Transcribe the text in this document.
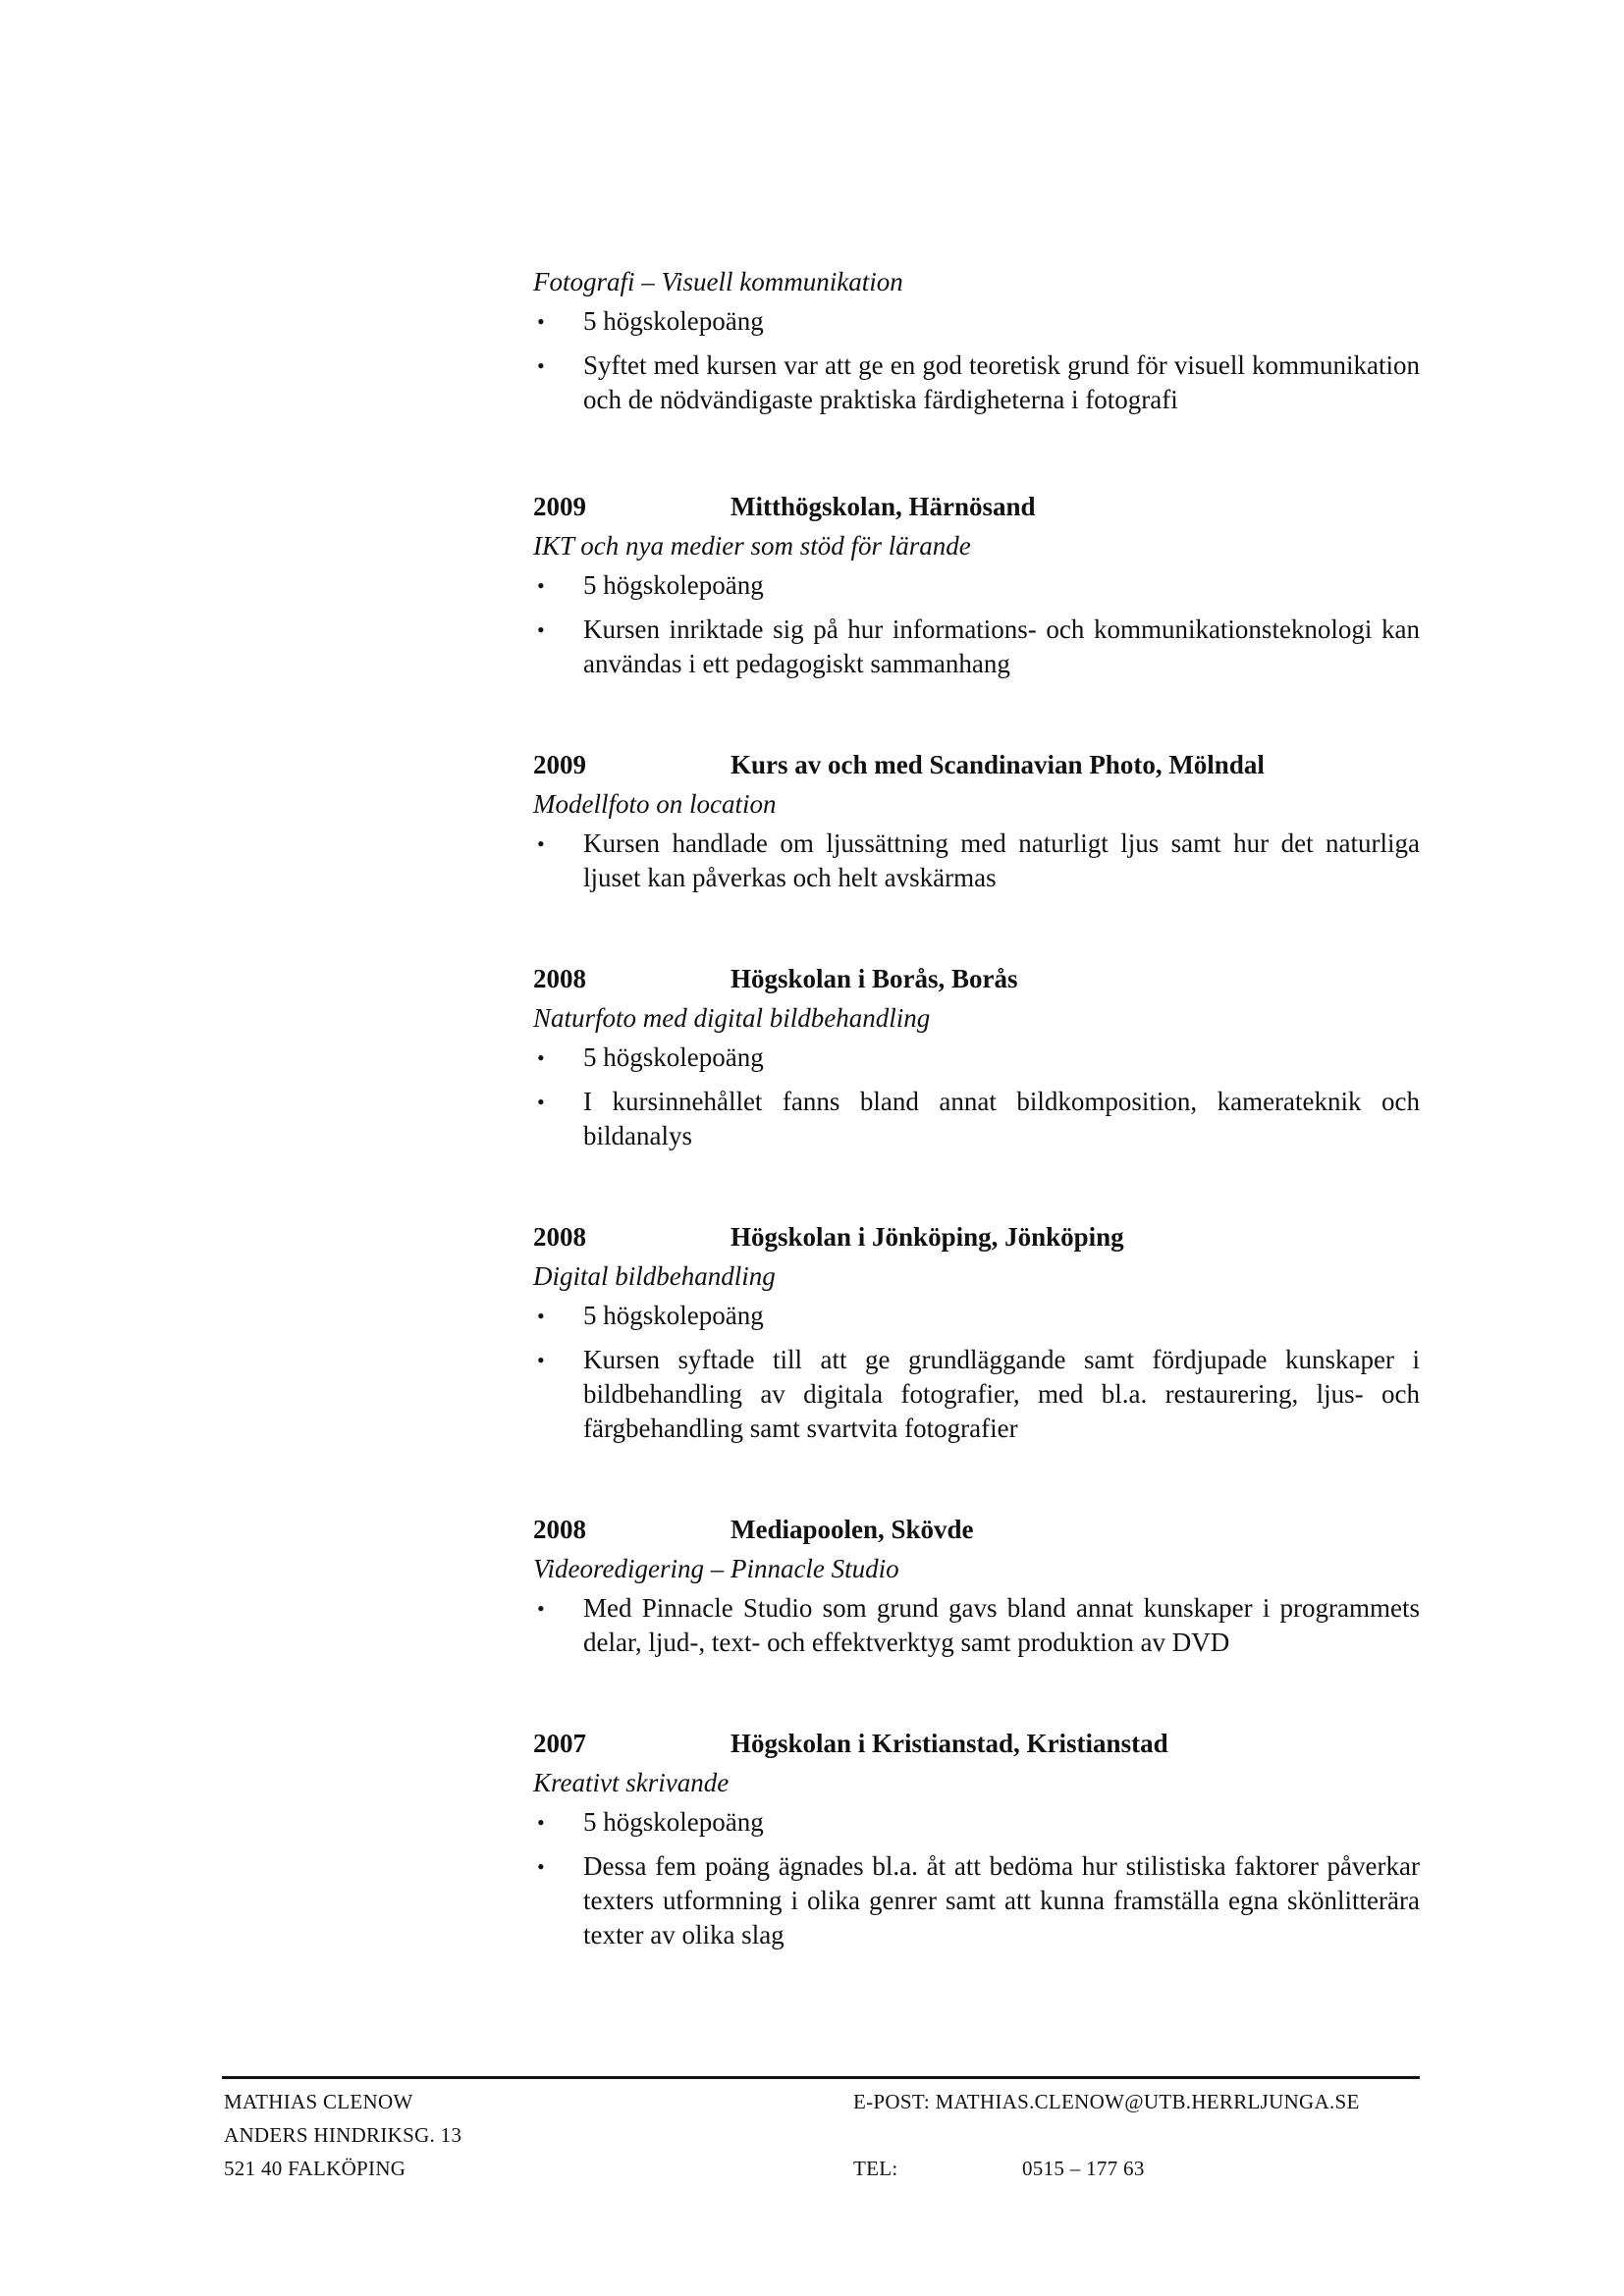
Fotografi – Visuell kommunikation
• 5 högskolepoäng
• Syftet med kursen var att ge en god teoretisk grund för visuell kommunikation och de nödvändigaste praktiska färdigheterna i fotografi
2009	Mitthögskolan, Härnösand
IKT och nya medier som stöd för lärande
• 5 högskolepoäng
• Kursen inriktade sig på hur informations- och kommunikationsteknologi kan användas i ett pedagogiskt sammanhang
2009	Kurs av och med Scandinavian Photo, Mölndal
Modellfoto on location
• Kursen handlade om ljussättning med naturligt ljus samt hur det naturliga ljuset kan påverkas och helt avskärmas
2008	Högskolan i Borås, Borås
Naturfoto med digital bildbehandling
• 5 högskolepoäng
• I kursinnehållet fanns bland annat bildkomposition, kamerateknik och bildanalys
2008	Högskolan i Jönköping, Jönköping
Digital bildbehandling
• 5 högskolepoäng
• Kursen syftade till att ge grundläggande samt fördjupade kunskaper i bildbehandling av digitala fotografier, med bl.a. restaurering, ljus- och färgbehandling samt svartvita fotografier
2008	Mediapoolen, Skövde
Videoredigering – Pinnacle Studio
• Med Pinnacle Studio som grund gavs bland annat kunskaper i programmets delar, ljud-, text- och effektverktyg samt produktion av DVD
2007	Högskolan i Kristianstad, Kristianstad
Kreativt skrivande
• 5 högskolepoäng
• Dessa fem poäng ägnades bl.a. åt att bedöma hur stilistiska faktorer påverkar texters utformning i olika genrer samt att kunna framställa egna skönlitterära texter av olika slag
MATHIAS CLENOW
ANDERS HINDRIKSG. 13
521 40 FALKÖPING
E-POST: MATHIAS.CLENOW@UTB.HERRLJUNGA.SE
TEL:	0515 – 177 63
